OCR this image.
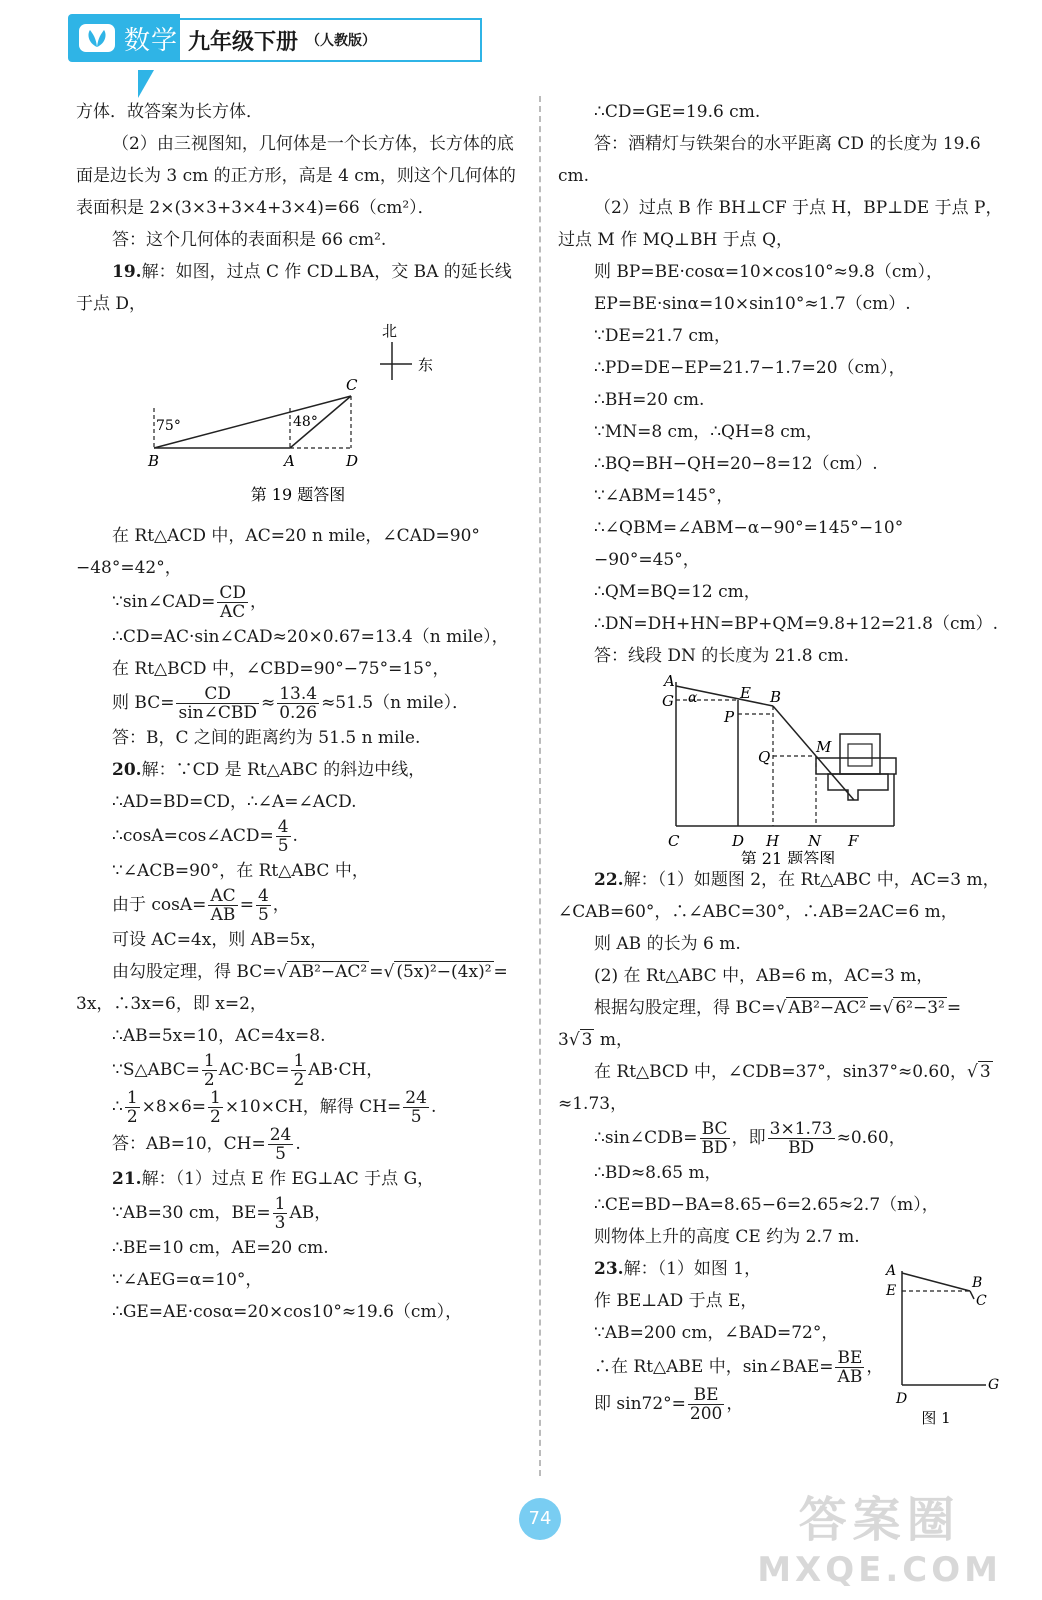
数学 九年级下册 （人教版）

方体．故答案为长方体．

（2）由三视图知，几何体是一个长方体，长方体的底面是边长为 3 cm 的正方形，高是 4 cm，则这个几何体的表面积是 2×(3×3+3×4+3×4)=66（cm²）．

答：这个几何体的表面积是 66 cm².

19.解：如图，过点 C 作 CD⊥BA，交 BA 的延长线于点 D，

北
东
75°	48°
B	A	D
C
第 19 题答图

在 Rt△ACD 中，AC=20 n mile，∠CAD=90°−48°=42°，

∵sin∠CAD= $\frac{CD}{AC}$ ，

∴CD=AC·sin∠CAD≈20×0.67=13.4（n mile），

在 Rt△BCD 中，∠CBD=90°−75°=15°，

则 $BC= \frac{CD}{\text{sin∠CBD}} \approx \frac{13.4}{0.26} \approx 51.5(n$ mile）．

答：B，C 之间的距离约为 51.5 n mile.

20.解：∵CD 是 Rt△ABC 的斜边中线，

∴AD=BD=CD，∴∠A=∠ACD.

∴cosA=cos∠ACD= $\frac{4}{5}$ .

∵∠ACB=90°，在 Rt△ABC 中，

由于 $\cos A= \frac{AC}{AB} = \frac{4}{5}$ ，

可设 AC=4x，则 AB=5x，

由勾股定理，得 BC=√ AB²−AC² =√ (5x)²−(4x)² =

3x，∴3x=6，即 x=2，

∴AB=5x=10，AC=4x=8.

∵S△ABC= $\frac{1}{2} AC\cdot BC= \frac{1}{2} AB\cdot CH$，

∴ $\frac{1}{2} \times 8\times 6= \frac{1}{2} \times 10\times CH$，解得 $CH= \frac{24}{5}$ .

答：AB=10，$CH= \frac{24}{5}$ .

21.解：（1）过点 E 作 EG⊥AC 于点 G，

∵AB=30 cm，$BE= \frac{1}{3}$ AB，

∴BE=10 cm，AE=20 cm.

∵∠AEG=α=10°，

∴GE=AE·cosα=20×cos10°≈19.6（cm），

∴CD=GE=19.6 cm.

答：酒精灯与铁架台的水平距离 CD 的长度为 19.6 cm.

（2）过点 B 作 BH⊥CF 于点 H，BP⊥DE 于点 P，过点 M 作 MQ⊥BH 于点 Q，

则 BP=BE·cosα=10×cos10°≈9.8（cm），

EP=BE·sinα=10×sin10°≈1.7（cm）.

∵DE=21.7 cm，

∴PD=DE−EP=21.7−1.7=20（cm），

∴BH=20 cm.

∵MN=8 cm，∴QH=8 cm，

∴BQ=BH−QH=20−8=12（cm）.

∵∠ABM=145°，

∴∠QBM=∠ABM−α−90°=145°−10°−90°=45°，

∴QM=BQ=12 cm，

∴DN=DH+HN=BP+QM=9.8+12=21.8（cm）.

答：线段 DN 的长度为 21.8 cm.

A
G α	E B
P
M
Q
C	D H N F
第 21 题答图

22.解：（1）如题图 2，在 Rt△ABC 中，AC=3 m，∠CAB=60°，∴∠ABC=30°，∴AB=2AC=6 m，

则 AB 的长为 6 m.

(2) 在 Rt△ABC 中，AB=6 m，AC=3 m，

根据勾股定理，得 BC=√ AB²−AC² =√ 6²−3² =

3√ 3 m，

在 Rt△BCD 中，∠CDB=37°，sin37°≈0.60，√ 3

≈1.73，

∴sin∠CDB= $\frac{BC}{BD}$ ，即 $\frac{3\times 1.73}{BD} \approx 0.60$，

∴BD≈8.65 m，

∴CE=BD−BA=8.65−6=2.65≈2.7（m），

则物体上升的高度 CE 约为 2.7 m.

23.解：（1）如图 1，

作 BE⊥AD 于点 E，

∵AB=200 cm，∠BAD=72°，

∴在 Rt△ABE 中，sin∠BAE= $\frac{BE}{AB}$ ，

即 $\sin 72^\circ= \frac{BE}{200}$ ，

A
E	B
C
D
G
图 1
74	答案圈
MXQE.COM
